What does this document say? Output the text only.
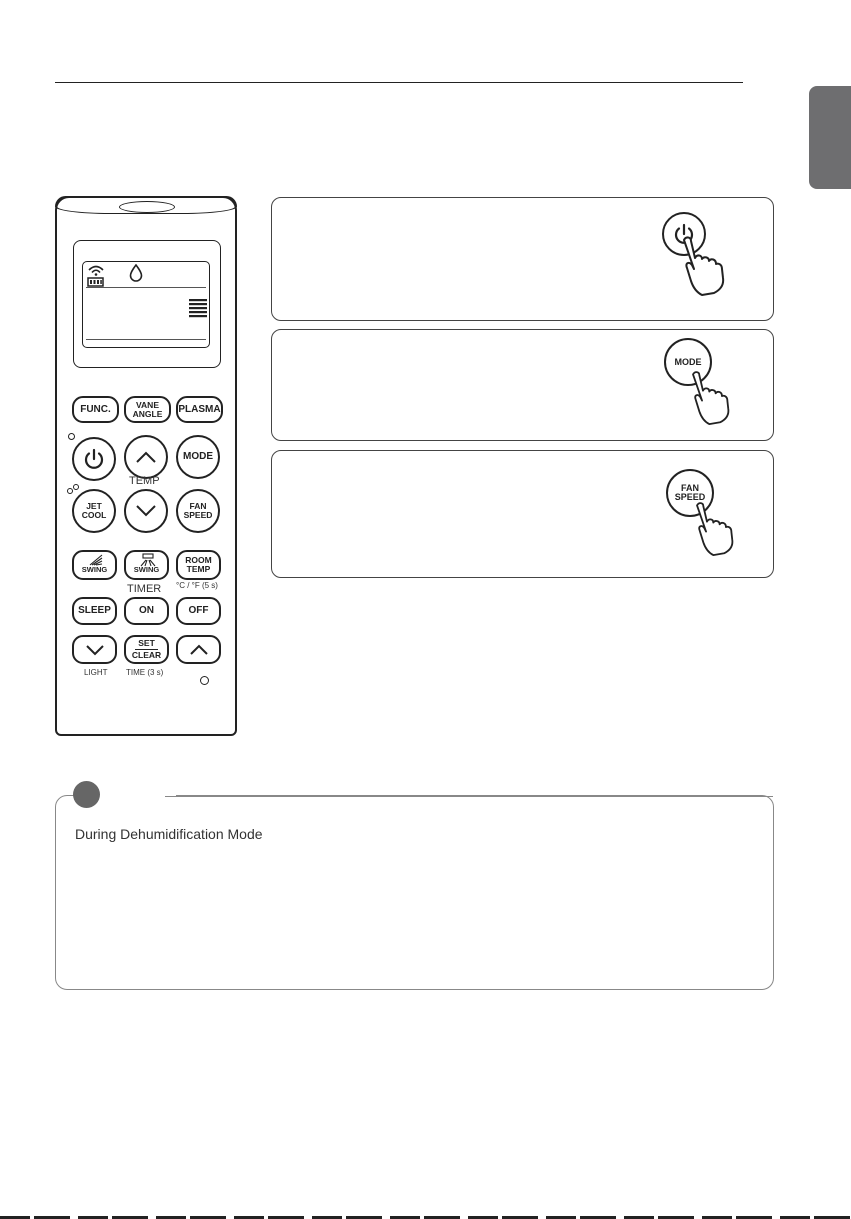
FUNC.	VANE
ANGLE	PLASMA
MODE
TEMP
JET
COOL
FAN
SPEED
SWING	SWING
ROOM
TEMP
TIMER °C / °F (5 s)
SLEEP	ON	OFF
SET
CLEAR
LIGHT TIME (3 s)
MODE
FAN
SPEED
During Dehumidification Mode
